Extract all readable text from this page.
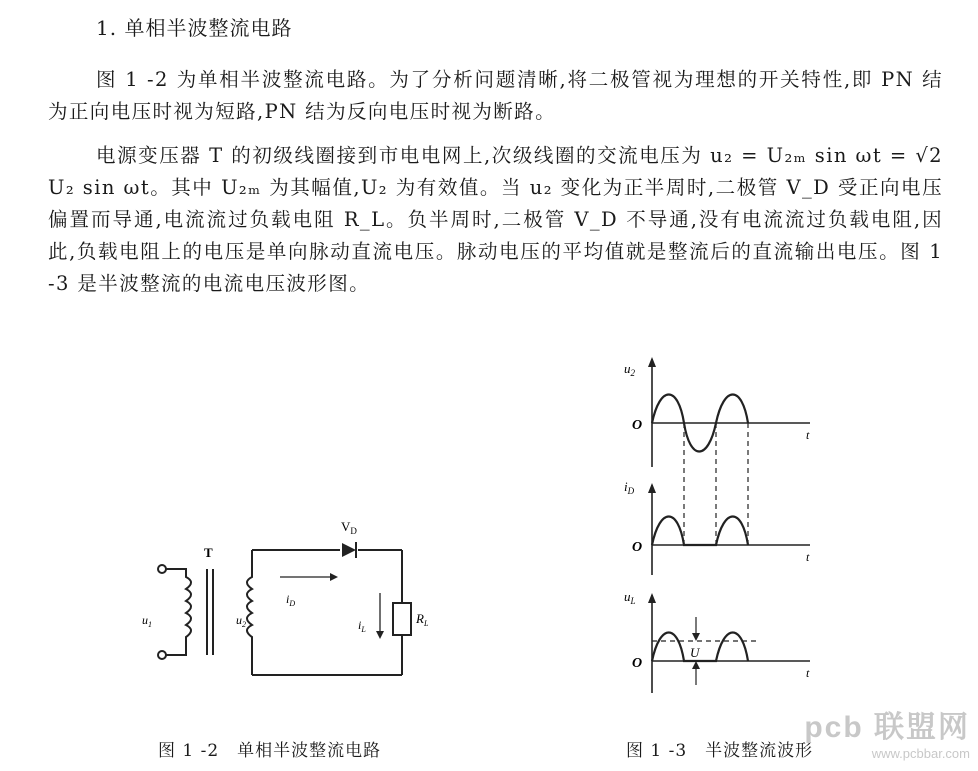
1. 单相半波整流电路

图 1 -2 为单相半波整流电路。为了分析问题清晰,将二极管视为理想的开关特性,即 PN 结为正向电压时视为短路,PN 结为反向电压时视为断路。

电源变压器 T 的初级线圈接到市电电网上,次级线圈的交流电压为 u₂ = U₂ₘ sin ωt = √2 U₂ sin ωt。其中 U₂ₘ 为其幅值,U₂ 为有效值。当 u₂ 变化为正半周时,二极管 V_D 受正向电压偏置而导通,电流流过负载电阻 R_L。负半周时,二极管 V_D 不导通,没有电流流过负载电阻,因此,负载电阻上的电压是单向脉动直流电压。脉动电压的平均值就是整流后的直流输出电压。图 1 -3 是半波整流的电流电压波形图。

T
$V_D$
$u_1$	$u_2$
$i_D$
$i_L$
$R_L$
$u_2$
O
t
$i_D$
O
t
$u_L$
O
t
U
图 1 -2　单相半波整流电路	图 1 -3　半波整流波形
pcb 联盟网
www.pcbbar.com
